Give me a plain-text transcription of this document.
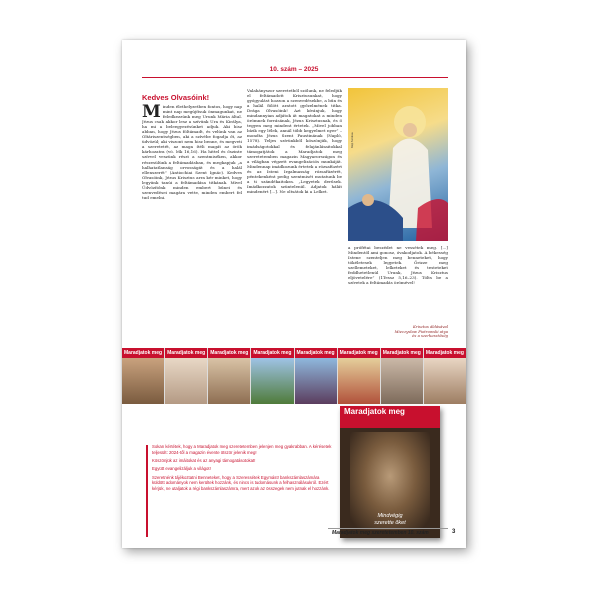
10. szám – 2025
Kedves Olvasóink!
M inden élethelyzetben fontos, hogy nap mint nap megújítsuk önmagunkat, ne feledkezzünk meg Urunk Mária által. Jézus csak akkor lesz a szívünk Ura és Királya, ha mi a beleegyezésünket adjuk. Aki hisz abban, hogy Jézus föltámadt, és velünk van az Oltáriszentségben, aki a szívébe fogadja őt, az üdvözül; aki viszont nem hisz benne, és megveti a szeretetét, az maga ítéli magát az örök kárhozatra (vö. Mk 16,16). Ha hittel és őszinte szívvel veszünk részt a szentmiséken, akkor részesülünk a feltámadásban, és megkapjuk „a halhatatlanság orvosságát és a halál ellenszerét” (Antiochiai Szent Ignác). Kedves Olvasóink, Jézus Krisztus arra kér minket, hogy legyünk tanúi a feltámadása titkának. Mivel Üdvözítőnk minden embert bűnei és szenvedései magára vette, minden embert fel tud emelni.
Valahányszor szeretetből szólunk, ne feledjük el feltámadott Krisztusunkat, hogy gyógyulást hozzon a szenvedésekbe, a bűn és a halál fölött aratott győzelmének titka. Drága Olvasóink! Azt kívánjuk, hogy mindannyian adjátok át magatokat a minden örömnek forrásának, Jézus Krisztusnak, és ő tegyen meg mindent értetek. „Mivel jobban bízik egy lélek, annál több kegyelmet nyer” – mondta Jézus Szent Faustinának (Napló, 1578). Teljes szívünkből köszönjük, hogy imádságotokkal és felajánlásaitokkal támogatjátok a Maradjatok meg szeretetemben magazin Magyarországon és a világban végzett evangelizációs munkáját. Mindennap imádkozunk értetek a rózsafüzért és az Isteni Irgalmasság rózsafüzérét, péntekenként pedig szentmisét mutatunk be a ti szándékaitokra. „Legyetek derűsek. Imádkozzatok szüntelenül. Adjatok hálát mindenért [...]. Ne oltsátok ki a Lelket.
Kép forrása
a prófétai beszédet ne vessétek meg. [...] Mindentől ami gonosz, óvakodjatok. A békesség Istene szenteljen meg benneteket, hogy tökéletesek legyetek. Őrizze meg szellemeteket, lelketeket és testeteket feddhetetlenül Urunk, Jézus Krisztus eljövetelére” (1Tessz 5,16–23). Tölts be a szívetek a feltámadás örömével!
Krisztus áldásával
Mieczysław Piotrowski atya
és a szerkesztőség
Maradjatok meg	Maradjatok meg	Maradjatok meg	Maradjatok meg	Maradjatok meg	Maradjatok meg	Maradjatok meg	Maradjatok meg

Sokan kértétek, hogy a Maradjatok meg szeretetemben jelenjen meg gyakrabban. A kérésetek teljesült: 2024-től a magazin évente ötször jelenik meg!

Köszönjük az imáitokat és az anyagi támogatásotokat!

Együtt evangelizáljuk a világot!

Szeretnénk tájékoztatni Benneteket, hogy a Szeressétek Egymást! bankszámlaszámára küldött adományok nem kerültek hozzánk, és nincs is tudomásunk a felhasználásukról. Ezért kérjük, ne utaljatok a régi bankszámlaszámra, mert azok az összegek nem jutnak el hozzánk.

Maradjatok meg
Mindvégig
szerette őket
Maradjatok meg szeretetemben 10. szám	3
